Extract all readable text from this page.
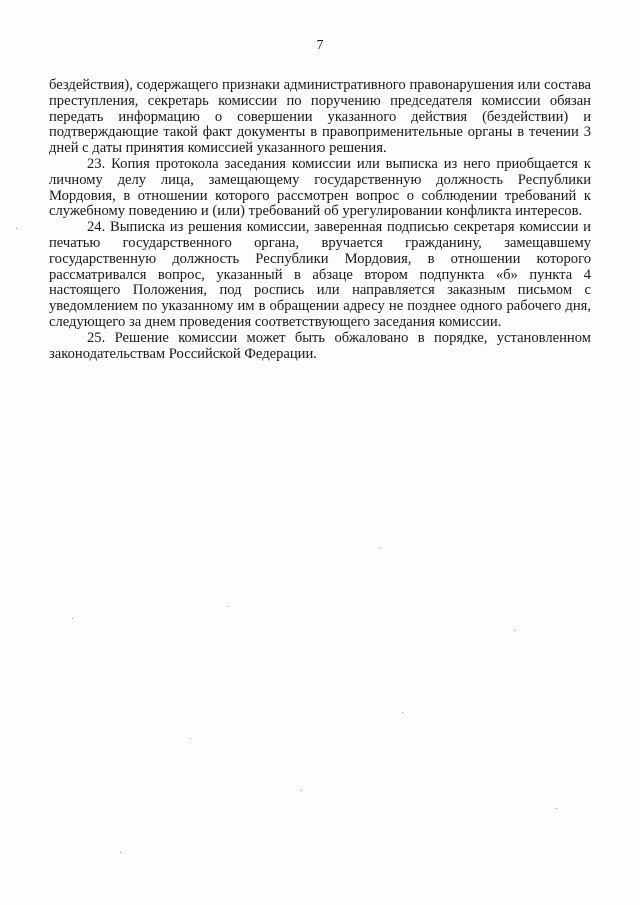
7

бездействия), содержащего признаки административного правонарушения или состава преступления, секретарь комиссии по поручению председателя комиссии обязан передать информацию о совершении указанного действия (бездействии) и подтверждающие такой факт документы в правоприменительные органы в течении 3 дней с даты принятия комиссией указанного решения.

23. Копия протокола заседания комиссии или выписка из него приобщается к личному делу лица, замещающему государственную должность Республики Мордовия, в отношении которого рассмотрен вопрос о соблюдении требований к служебному поведению и (или) требований об урегулировании конфликта интересов.

24. Выписка из решения комиссии, заверенная подписью секретаря комиссии и печатью государственного органа, вручается гражданину, замещавшему государственную должность Республики Мордовия, в отношении которого рассматривался вопрос, указанный в абзаце втором подпункта «б» пункта 4 настоящего Положения, под роспись или направляется заказным письмом с уведомлением по указанному им в обращении адресу не позднее одного рабочего дня, следующего за днем проведения соответствующего заседания комиссии.

25. Решение комиссии может быть обжаловано в порядке, установленном законодательствам Российской Федерации.
